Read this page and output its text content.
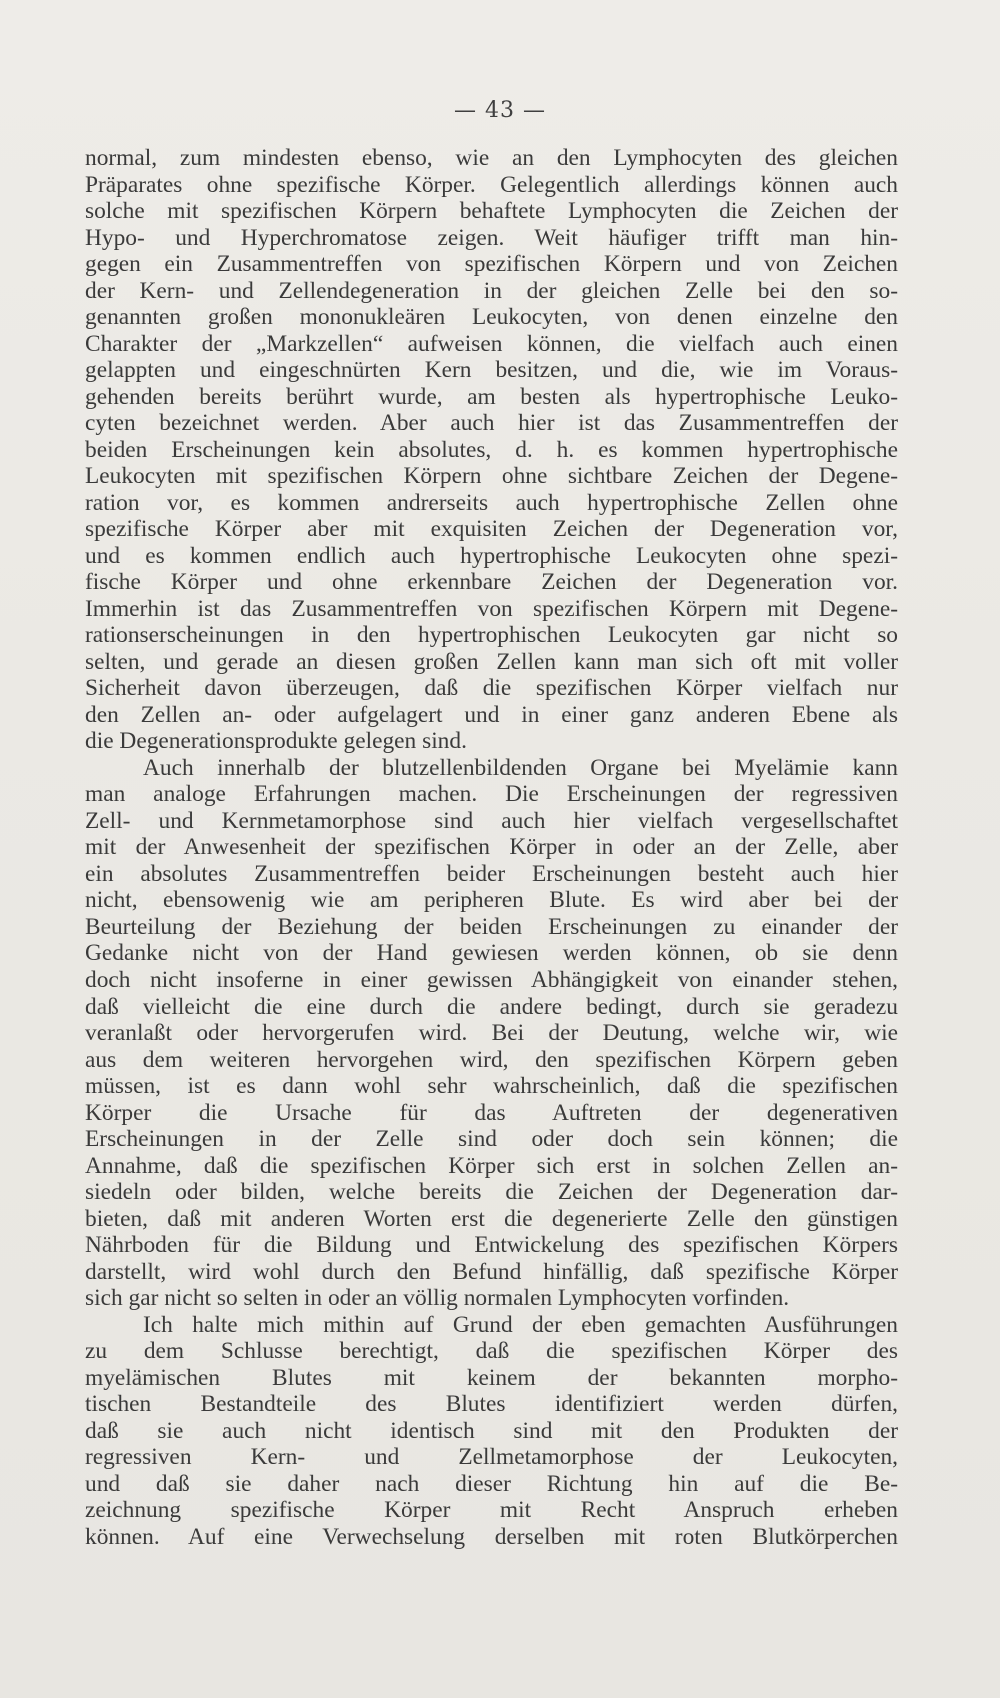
— 43 —
normal, zum mindesten ebenso, wie an den Lymphocyten des gleichen
Präparates ohne spezifische Körper. Gelegentlich allerdings können auch
solche mit spezifischen Körpern behaftete Lymphocyten die Zeichen der
Hypo- und Hyperchromatose zeigen. Weit häufiger trifft man hin-
gegen ein Zusammentreffen von spezifischen Körpern und von Zeichen
der Kern- und Zellendegeneration in der gleichen Zelle bei den so-
genannten großen mononukleären Leukocyten, von denen einzelne den
Charakter der „Markzellen“ aufweisen können, die vielfach auch einen
gelappten und eingeschnürten Kern besitzen, und die, wie im Voraus-
gehenden bereits berührt wurde, am besten als hypertrophische Leuko-
cyten bezeichnet werden. Aber auch hier ist das Zusammentreffen der
beiden Erscheinungen kein absolutes, d. h. es kommen hypertrophische
Leukocyten mit spezifischen Körpern ohne sichtbare Zeichen der Degene-
ration vor, es kommen andrerseits auch hypertrophische Zellen ohne
spezifische Körper aber mit exquisiten Zeichen der Degeneration vor,
und es kommen endlich auch hypertrophische Leukocyten ohne spezi-
fische Körper und ohne erkennbare Zeichen der Degeneration vor.
Immerhin ist das Zusammentreffen von spezifischen Körpern mit Degene-
rationserscheinungen in den hypertrophischen Leukocyten gar nicht so
selten, und gerade an diesen großen Zellen kann man sich oft mit voller
Sicherheit davon überzeugen, daß die spezifischen Körper vielfach nur
den Zellen an- oder aufgelagert und in einer ganz anderen Ebene als
die Degenerationsprodukte gelegen sind.
Auch innerhalb der blutzellenbildenden Organe bei Myelämie kann
man analoge Erfahrungen machen. Die Erscheinungen der regressiven
Zell- und Kernmetamorphose sind auch hier vielfach vergesellschaftet
mit der Anwesenheit der spezifischen Körper in oder an der Zelle, aber
ein absolutes Zusammentreffen beider Erscheinungen besteht auch hier
nicht, ebensowenig wie am peripheren Blute. Es wird aber bei der
Beurteilung der Beziehung der beiden Erscheinungen zu einander der
Gedanke nicht von der Hand gewiesen werden können, ob sie denn
doch nicht insoferne in einer gewissen Abhängigkeit von einander stehen,
daß vielleicht die eine durch die andere bedingt, durch sie geradezu
veranlaßt oder hervorgerufen wird. Bei der Deutung, welche wir, wie
aus dem weiteren hervorgehen wird, den spezifischen Körpern geben
müssen, ist es dann wohl sehr wahrscheinlich, daß die spezifischen
Körper die Ursache für das Auftreten der degenerativen
Erscheinungen in der Zelle sind oder doch sein können; die
Annahme, daß die spezifischen Körper sich erst in solchen Zellen an-
siedeln oder bilden, welche bereits die Zeichen der Degeneration dar-
bieten, daß mit anderen Worten erst die degenerierte Zelle den günstigen
Nährboden für die Bildung und Entwickelung des spezifischen Körpers
darstellt, wird wohl durch den Befund hinfällig, daß spezifische Körper
sich gar nicht so selten in oder an völlig normalen Lymphocyten vorfinden.
Ich halte mich mithin auf Grund der eben gemachten Ausführungen
zu dem Schlusse berechtigt, daß die spezifischen Körper des
myelämischen Blutes mit keinem der bekannten morpho-
tischen Bestandteile des Blutes identifiziert werden dürfen,
daß sie auch nicht identisch sind mit den Produkten der
regressiven Kern- und Zellmetamorphose der Leukocyten,
und daß sie daher nach dieser Richtung hin auf die Be-
zeichnung spezifische Körper mit Recht Anspruch erheben
können. Auf eine Verwechselung derselben mit roten Blutkörperchen
